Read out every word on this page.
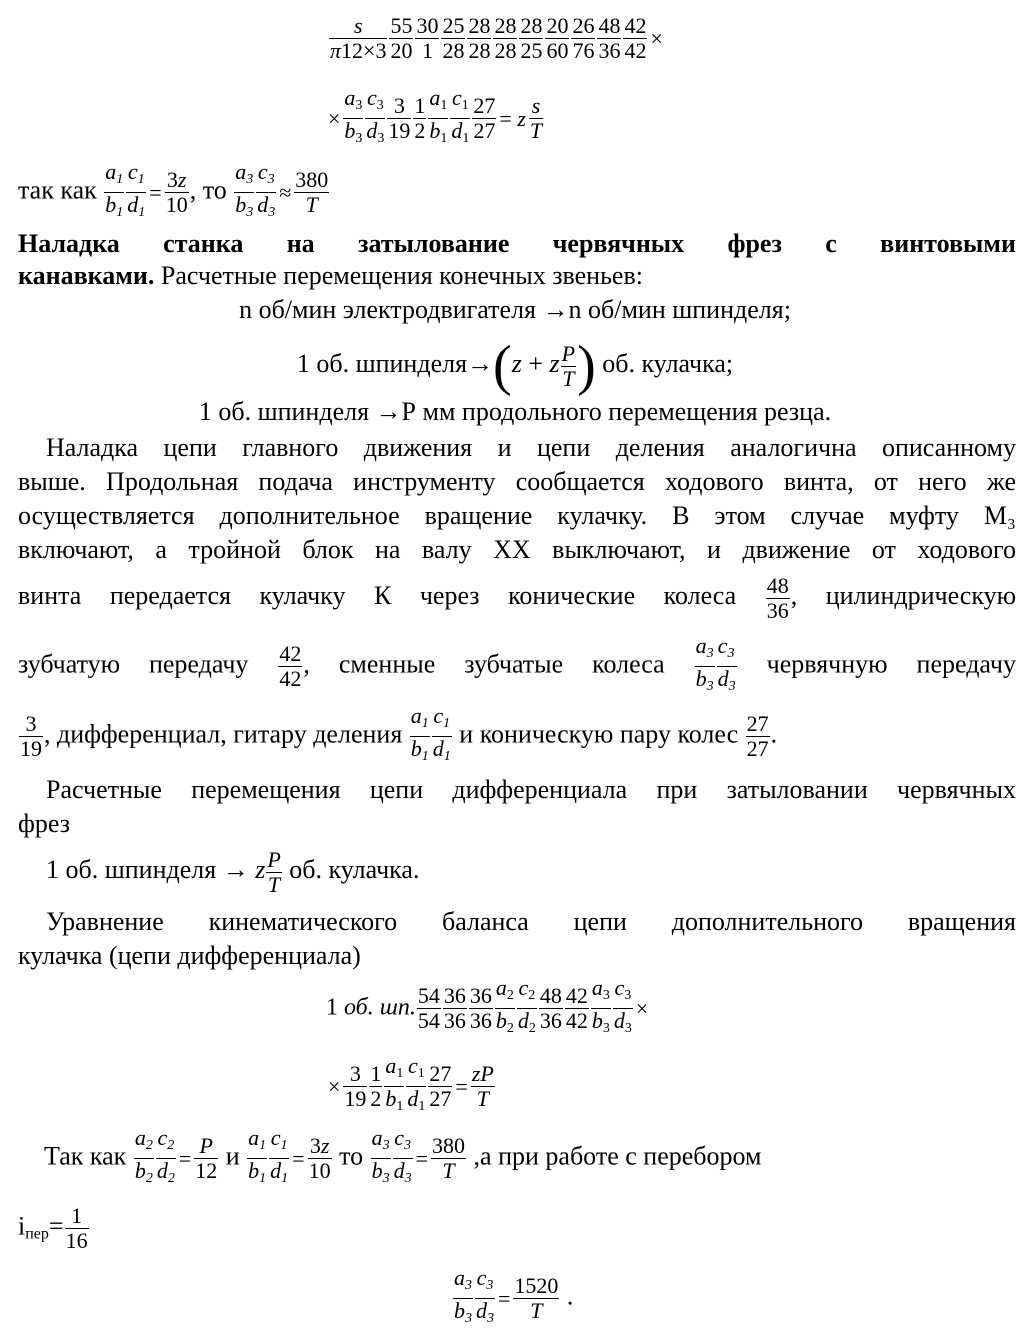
$\frac{s}{\pi 12\times 3} \frac{55}{20} \frac{30}{1} \frac{25}{28} \frac{28}{28} \frac{28}{28} \frac{28}{25} \frac{20}{60} \frac{26}{76} \frac{48}{36} \frac{42}{42}$ ×
× $\frac{a_3}{b_3} \frac{c_3}{d_3} \frac{3}{19} \frac{1}{2} \frac{a_1}{b_1} \frac{c_1}{d_1} \frac{27}{27} = z \frac{s}{T}$
так как $\frac{a_1}{b_1} \frac{c_1}{d_1} = \frac{3z}{10}$ , то $\frac{a_3}{b_3} \frac{c_3}{d_3} \approx \frac{380}{T}$
Наладка станка на затылование червячных фрез с винтовыми
канавками. Расчетные перемещения конечных звеньев:
n об/мин электродвигателя →n об/мин шпинделя;
1 об. шпинделя→(z + z $\frac{P}{T}$ ) об. кулачка;
1 об. шпинделя →Р мм продольного перемещения резца.
Наладка цепи главного движения и цепи деления аналогична описанному
выше. Продольная подача инструменту сообщается ходового винта, от него же
осуществляется дополнительное вращение кулачку. В этом случае муфту М₃
включают, а тройной блок на валу XX выключают, и движение от ходового
винта передается кулачку К через конические колеса $\frac{48}{36}$ , цилиндрическую
зубчатую передачу $\frac{42}{42}$ , сменные зубчатые колеса $\frac{a_3}{b_3} \frac{c_3}{d_3}$ червячную передачу
$\frac{3}{19}$ , дифференциал, гитару деления $\frac{a_1}{b_1} \frac{c_1}{d_1}$ и коническую пару колес $\frac{27}{27}$ .
Расчетные перемещения цепи дифференциала при затыловании червячных
фрез
1 об. шпинделя → z $\frac{P}{T}$ об. кулачка.
Уравнение кинематического баланса цепи дополнительного вращения
кулачка (цепи дифференциала)
1 об. шп. $\frac{54}{54} \frac{36}{36} \frac{36}{36} \frac{a_2}{b_2} \frac{c_2}{d_2} \frac{48}{36} \frac{42}{42} \frac{a_3}{b_3} \frac{c_3}{d_3}$ ×
× $\frac{3}{19} \frac{1}{2} \frac{a_1}{b_1} \frac{c_1}{d_1} \frac{27}{27} = \frac{zP}{T}$
Так как $\frac{a_2}{b_2} \frac{c_2}{d_2} = \frac{P}{12}$ и $\frac{a_1}{b_1} \frac{c_1}{d_1} = \frac{3z}{10}$ то $\frac{a_3}{b_3} \frac{c_3}{d_3} = \frac{380}{T} ,а$ при работе с перебором
$i_{пер}= \frac{1}{16}$
$\frac{a_3}{b_3} \frac{c_3}{d_3} = \frac{1520}{T}$ .
